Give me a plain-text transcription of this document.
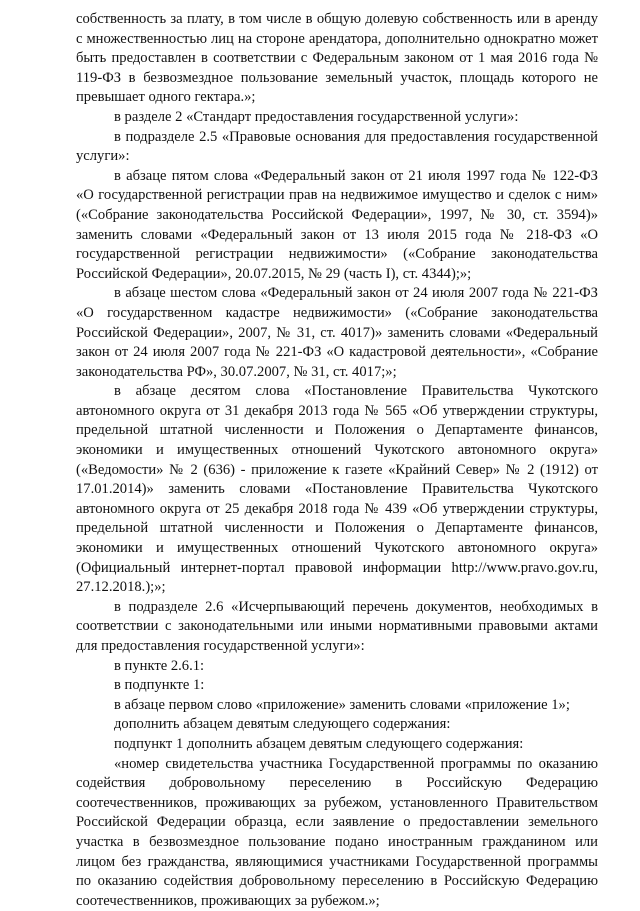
собственность за плату, в том числе в общую долевую собственность или в аренду с множественностью лиц на стороне арендатора, дополнительно однократно может быть предоставлен в соответствии с Федеральным законом от 1 мая 2016 года № 119-ФЗ в безвозмездное пользование земельный участок, площадь которого не превышает одного гектара.»;

в разделе 2 «Стандарт предоставления государственной услуги»:

в подразделе 2.5 «Правовые основания для предоставления государственной услуги»:

в абзаце пятом слова «Федеральный закон от 21 июля 1997 года № 122-ФЗ «О государственной регистрации прав на недвижимое имущество и сделок с ним» («Собрание законодательства Российской Федерации», 1997, № 30, ст. 3594)» заменить словами «Федеральный закон от 13 июля 2015 года № 218-ФЗ «О государственной регистрации недвижимости» («Собрание законодательства Российской Федерации», 20.07.2015, № 29 (часть I), ст. 4344);»;

в абзаце шестом слова «Федеральный закон от 24 июля 2007 года № 221-ФЗ «О государственном кадастре недвижимости» («Собрание законодательства Российской Федерации», 2007, № 31, ст. 4017)» заменить словами «Федеральный закон от 24 июля 2007 года № 221-ФЗ «О кадастровой деятельности», «Собрание законодательства РФ», 30.07.2007, № 31, ст. 4017;»;

в абзаце десятом слова «Постановление Правительства Чукотского автономного округа от 31 декабря 2013 года № 565 «Об утверждении структуры, предельной штатной численности и Положения о Департаменте финансов, экономики и имущественных отношений Чукотского автономного округа» («Ведомости» № 2 (636) - приложение к газете «Крайний Север» № 2 (1912) от 17.01.2014)» заменить словами «Постановление Правительства Чукотского автономного округа от 25 декабря 2018 года № 439 «Об утверждении структуры, предельной штатной численности и Положения о Департаменте финансов, экономики и имущественных отношений Чукотского автономного округа» (Официальный интернет-портал правовой информации http://www.pravo.gov.ru, 27.12.2018.);»;

в подразделе 2.6 «Исчерпывающий перечень документов, необходимых в соответствии с законодательными или иными нормативными правовыми актами для предоставления государственной услуги»:

в пункте 2.6.1:

в подпункте 1:

в абзаце первом слово «приложение» заменить словами «приложение 1»;

дополнить абзацем девятым следующего содержания:

подпункт 1 дополнить абзацем девятым следующего содержания:

«номер свидетельства участника Государственной программы по оказанию содействия добровольному переселению в Российскую Федерацию соотечественников, проживающих за рубежом, установленного Правительством Российской Федерации образца, если заявление о предоставлении земельного участка в безвозмездное пользование подано иностранным гражданином или лицом без гражданства, являющимися участниками Государственной программы по оказанию содействия добровольному переселению в Российскую Федерацию соотечественников, проживающих за рубежом.»;
